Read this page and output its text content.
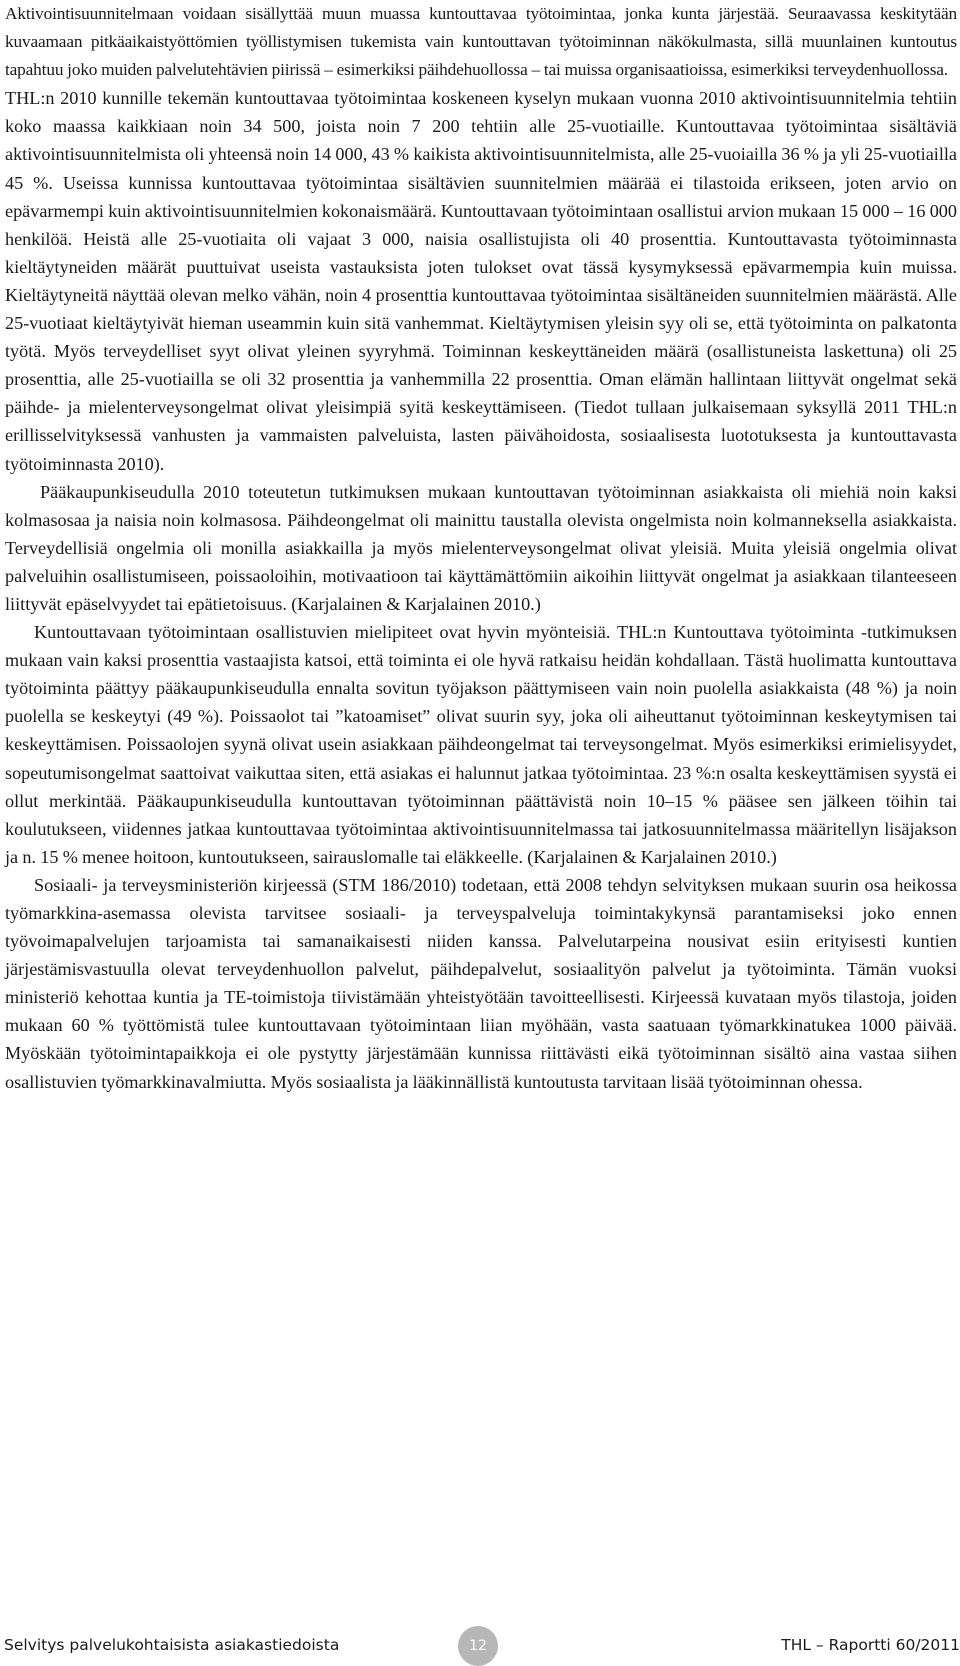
Aktivointisuunnitelmaan voidaan sisällyttää muun muassa kuntouttavaa työtoimintaa, jonka kunta järjestää. Seuraavassa keskitytään kuvaamaan pitkäaikaistyöttömien työllistymisen tukemista vain kuntouttavan työtoiminnan näkökulmasta, sillä muunlainen kuntoutus tapahtuu joko muiden palvelutehtävien piirissä – esimerkiksi päihdehuollossa – tai muissa organisaatioissa, esimerkiksi terveydenhuollossa.

THL:n 2010 kunnille tekemän kuntouttavaa työtoimintaa koskeneen kyselyn mukaan vuonna 2010 aktivointisuunnitelmia tehtiin koko maassa kaikkiaan noin 34 500, joista noin 7 200 tehtiin alle 25-vuotiaille. Kuntouttavaa työtoimintaa sisältäviä aktivointisuunnitelmista oli yhteensä noin 14 000, 43 % kaikista aktivointisuunnitelmista, alle 25-vuoiailla 36 % ja yli 25-vuotiailla 45 %. Useissa kunnissa kuntouttavaa työtoimintaa sisältävien suunnitelmien määrää ei tilastoida erikseen, joten arvio on epävarmempi kuin aktivointisuunnitelmien kokonaismäärä. Kuntouttavaan työtoimintaan osallistui arvion mukaan 15 000 – 16 000 henkilöä. Heistä alle 25-vuotiaita oli vajaat 3 000, naisia osallistujista oli 40 prosenttia. Kuntouttavasta työtoiminnasta kieltäytyneiden määrät puuttuivat useista vastauksista joten tulokset ovat tässä kysymyksessä epävarmempia kuin muissa. Kieltäytyneitä näyttää olevan melko vähän, noin 4 prosenttia kuntouttavaa työtoimintaa sisältäneiden suunnitelmien määrästä. Alle 25-vuotiaat kieltäytyivät hieman useammin kuin sitä vanhemmat. Kieltäytymisen yleisin syy oli se, että työtoiminta on palkatonta työtä. Myös terveydelliset syyt olivat yleinen syyryhmä. Toiminnan keskeyttäneiden määrä (osallistuneista laskettuna) oli 25 prosenttia, alle 25-vuotiailla se oli 32 prosenttia ja vanhemmilla 22 prosenttia. Oman elämän hallintaan liittyvät ongelmat sekä päihde- ja mielenterveysongelmat olivat yleisimpiä syitä keskeyttämiseen. (Tiedot tullaan julkaisemaan syksyllä 2011 THL:n erillisselvityksessä vanhusten ja vammaisten palveluista, lasten päivähoidosta, sosiaalisesta luototuksesta ja kuntouttavasta työtoiminnasta 2010).

Pääkaupunkiseudulla 2010 toteutetun tutkimuksen mukaan kuntouttavan työtoiminnan asiakkaista oli miehiä noin kaksi kolmasosaa ja naisia noin kolmasosa. Päihdeongelmat oli mainittu taustalla olevista ongelmista noin kolmanneksella asiakkaista. Terveydellisiä ongelmia oli monilla asiakkailla ja myös mielenterveysongelmat olivat yleisiä. Muita yleisiä ongelmia olivat palveluihin osallistumiseen, poissaoloihin, motivaatioon tai käyttämättömiin aikoihin liittyvät ongelmat ja asiakkaan tilanteeseen liittyvät epäselvyydet tai epätietoisuus. (Karjalainen & Karjalainen 2010.)

Kuntouttavaan työtoimintaan osallistuvien mielipiteet ovat hyvin myönteisiä. THL:n Kuntouttava työtoiminta -tutkimuksen mukaan vain kaksi prosenttia vastaajista katsoi, että toiminta ei ole hyvä ratkaisu heidän kohdallaan. Tästä huolimatta kuntouttava työtoiminta päättyy pääkaupunkiseudulla ennalta sovitun työjakson päättymiseen vain noin puolella asiakkaista (48 %) ja noin puolella se keskeytyi (49 %). Poissaolot tai ”katoamiset” olivat suurin syy, joka oli aiheuttanut työtoiminnan keskeytymisen tai keskeyttämisen. Poissaolojen syynä olivat usein asiakkaan päihdeongelmat tai terveysongelmat. Myös esimerkiksi erimielisyydet, sopeutumisongelmat saattoivat vaikuttaa siten, että asiakas ei halunnut jatkaa työtoimintaa. 23 %:n osalta keskeyttämisen syystä ei ollut merkintää. Pääkaupunkiseudulla kuntouttavan työtoiminnan päättävistä noin 10–15 % pääsee sen jälkeen töihin tai koulutukseen, viidennes jatkaa kuntouttavaa työtoimintaa aktivointisuunnitelmassa tai jatkosuunnitelmassa määritellyn lisäjakson ja n. 15 % menee hoitoon, kuntoutukseen, sairauslomalle tai eläkkeelle. (Karjalainen & Karjalainen 2010.)

Sosiaali- ja terveysministeriön kirjeessä (STM 186/2010) todetaan, että 2008 tehdyn selvityksen mukaan suurin osa heikossa työmarkkina-asemassa olevista tarvitsee sosiaali- ja terveyspalveluja toimintakykynsä parantamiseksi joko ennen työvoimapalvelujen tarjoamista tai samanaikaisesti niiden kanssa. Palvelutarpeina nousivat esiin erityisesti kuntien järjestämisvastuulla olevat terveydenhuollon palvelut, päihdepalvelut, sosiaalityön palvelut ja työtoiminta. Tämän vuoksi ministeriö kehottaa kuntia ja TE-toimistoja tiivistämään yhteistyötään tavoitteellisesti. Kirjeessä kuvataan myös tilastoja, joiden mukaan 60 % työttömistä tulee kuntouttavaan työtoimintaan liian myöhään, vasta saatuaan työmarkkinatukea 1000 päivää. Myöskään työtoimintapaikkoja ei ole pystytty järjestämään kunnissa riittävästi eikä työtoiminnan sisältö aina vastaa siihen osallistuvien työmarkkinavalmiutta. Myös sosiaalista ja lääkinnällistä kuntoutusta tarvitaan lisää työtoiminnan ohessa.

Selvitys palvelukohtaisista asiakastiedoista	12	THL – Raportti 60/2011
